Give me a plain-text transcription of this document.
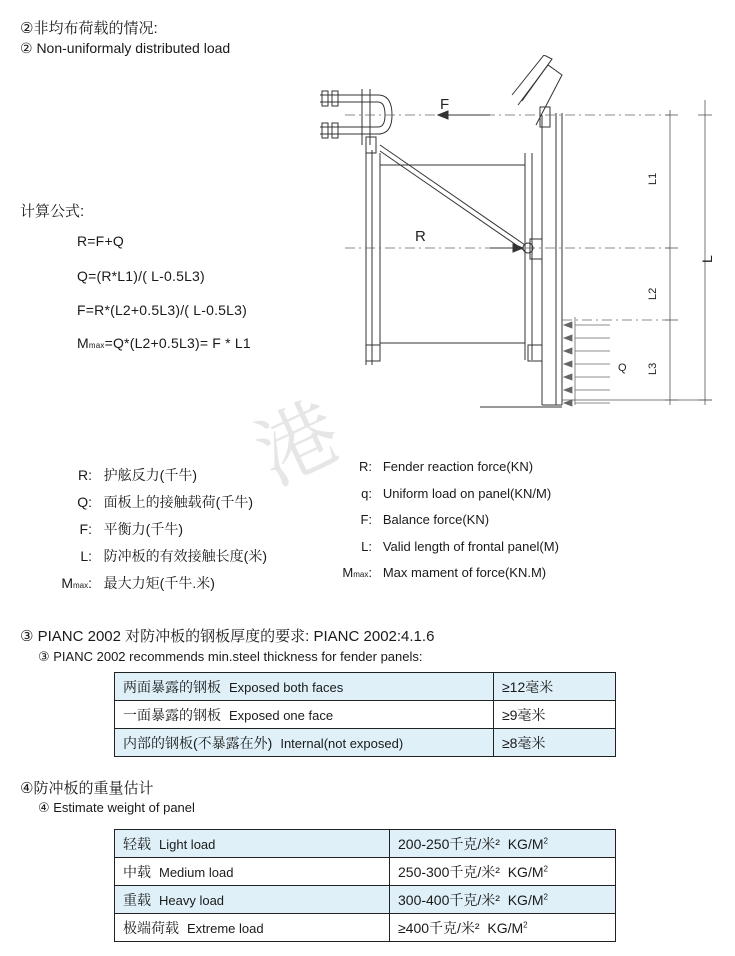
②非均布荷载的情况:
② Non-uniformaly distributed load
计算公式:
R=F+Q
Q=(R*L1)/( L-0.5L3)
F=R*(L2+0.5L3)/( L-0.5L3)
Mmax=Q*(L2+0.5L3)= F * L1
F
R
Q
L1
L2
L3
L
港
R: 护舷反力(千牛)
Q: 面板上的接触载荷(千牛)
F: 平衡力(千牛)
L: 防冲板的有效接触长度(米)
Mmax: 最大力矩(千牛.米)
R: Fender reaction force(KN)
q: Uniform load on panel(KN/M)
F: Balance force(KN)
L: Valid length of frontal panel(M)
Mmax: Max mament of force(KN.M)
③ PIANC 2002 对防冲板的钢板厚度的要求: PIANC 2002:4.1.6
③ PIANC 2002 recommends min.steel thickness for fender panels:
两面暴露的钢板 Exposed both faces	≥12毫米
一面暴露的钢板 Exposed one face	≥9毫米
内部的钢板(不暴露在外) Internal(not exposed)	≥8毫米
④防冲板的重量估计
④ Estimate weight of panel
轻载 Light load	200-250千克/米² $KG/M^2$
中载 Medium load	250-300千克/米² $KG/M^2$
重载 Heavy load	300-400千克/米² $KG/M^2$
极端荷载 Extreme load	≥400千克/米² $KG/M^2$
